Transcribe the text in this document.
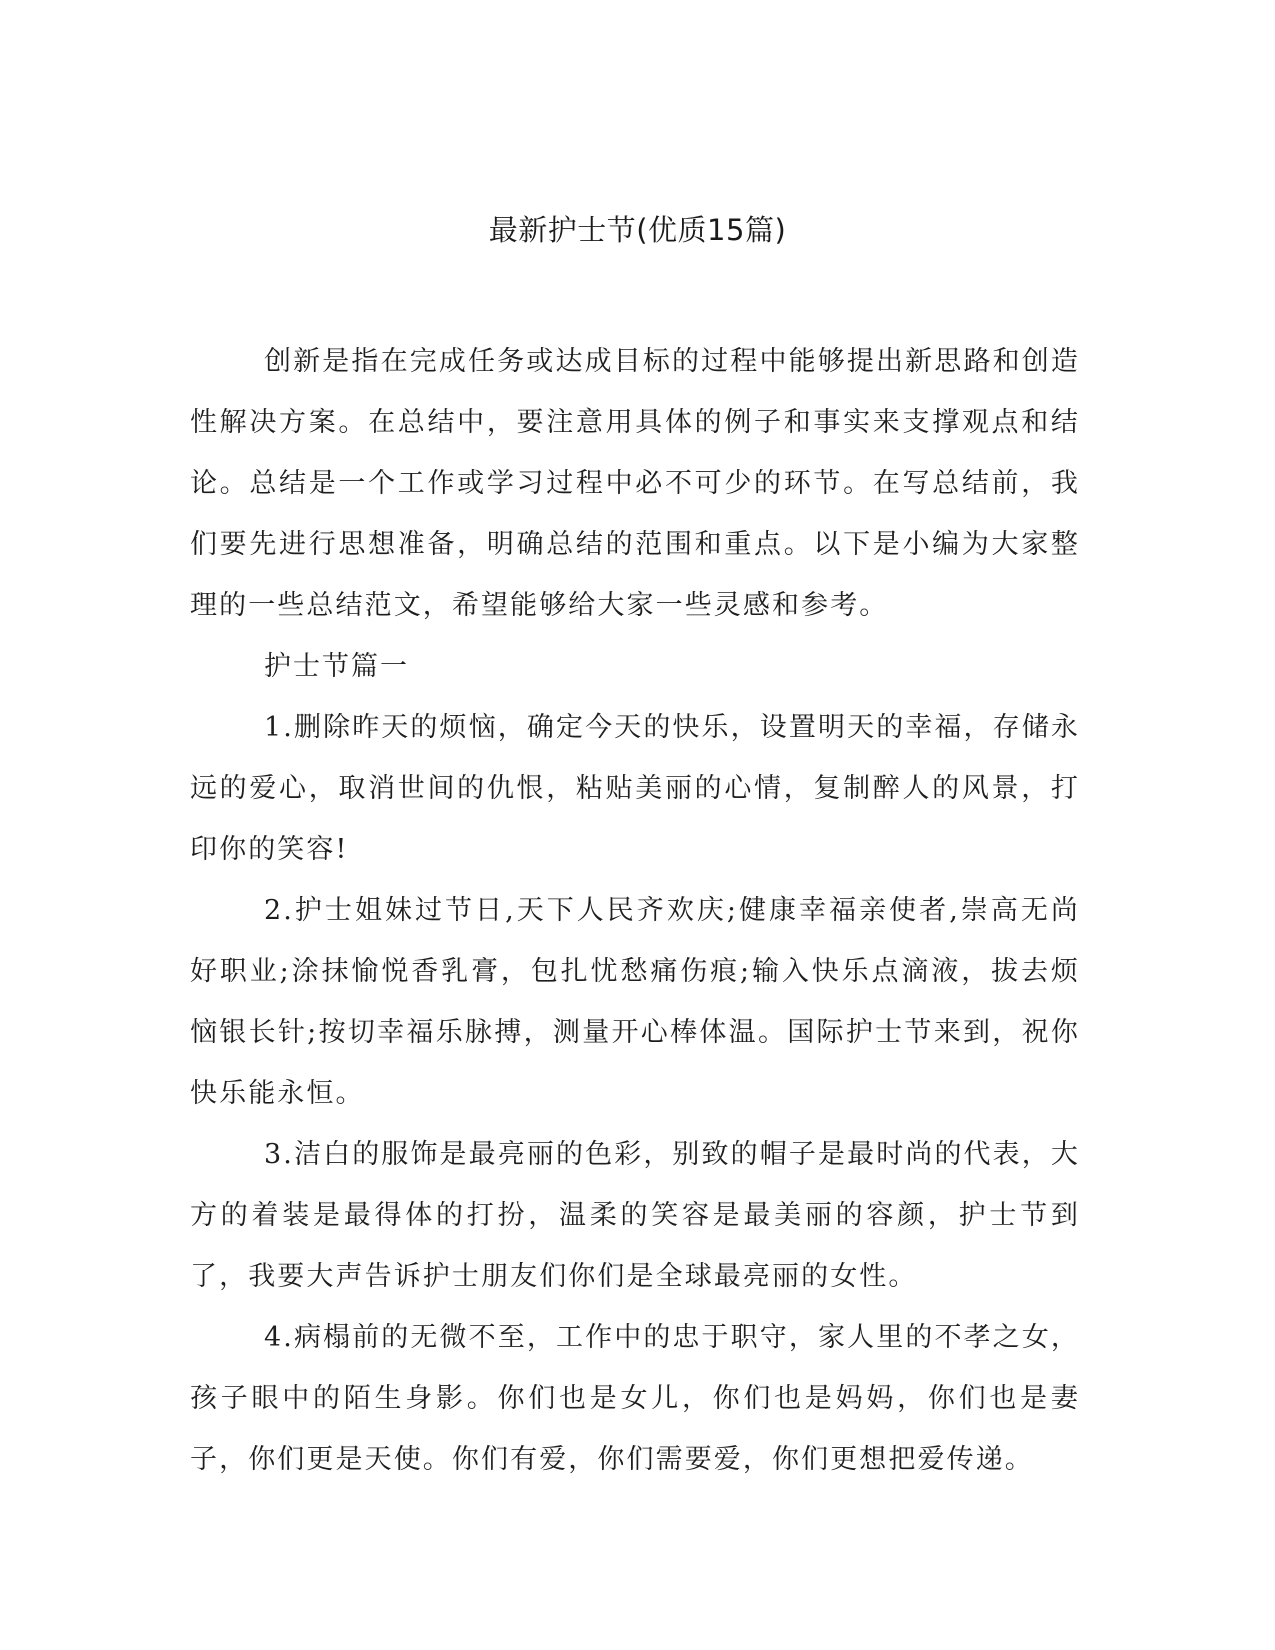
最新护士节(优质15篇)

创新是指在完成任务或达成目标的过程中能够提出新思路和创造性解决方案。在总结中，要注意用具体的例子和事实来支撑观点和结论。总结是一个工作或学习过程中必不可少的环节。在写总结前，我们要先进行思想准备，明确总结的范围和重点。以下是小编为大家整理的一些总结范文，希望能够给大家一些灵感和参考。

护士节篇一

1.删除昨天的烦恼，确定今天的快乐，设置明天的幸福，存储永远的爱心，取消世间的仇恨，粘贴美丽的心情，复制醉人的风景，打印你的笑容!

2.护士姐妹过节日,天下人民齐欢庆;健康幸福亲使者,崇高无尚好职业;涂抹愉悦香乳膏，包扎忧愁痛伤痕;输入快乐点滴液，拔去烦恼银长针;按切幸福乐脉搏，测量开心棒体温。国际护士节来到，祝你快乐能永恒。

3.洁白的服饰是最亮丽的色彩，别致的帽子是最时尚的代表，大方的着装是最得体的打扮，温柔的笑容是最美丽的容颜，护士节到了，我要大声告诉护士朋友们你们是全球最亮丽的女性。

4.病榻前的无微不至，工作中的忠于职守，家人里的不孝之女，孩子眼中的陌生身影。你们也是女儿，你们也是妈妈，你们也是妻子，你们更是天使。你们有爱，你们需要爱，你们更想把爱传递。
